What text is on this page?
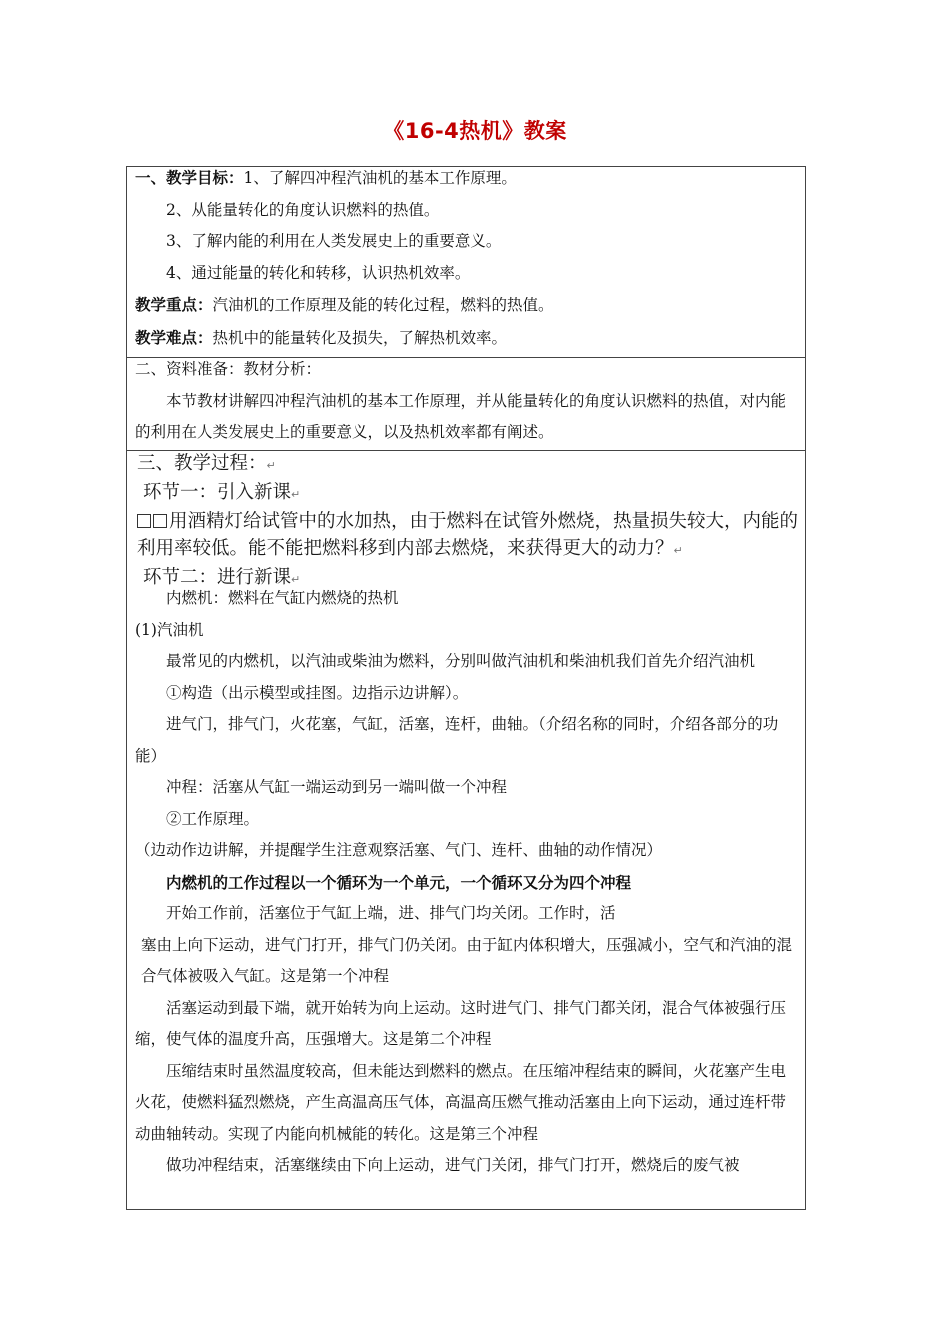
《16-4热机》教案

一、教学目标：1、了解四冲程汽油机的基本工作原理。

2、从能量转化的角度认识燃料的热值。

3、了解内能的利用在人类发展史上的重要意义。

4、通过能量的转化和转移，认识热机效率。

教学重点：汽油机的工作原理及能的转化过程，燃料的热值。

教学难点：热机中的能量转化及损失，了解热机效率。

二、资料准备：教材分析：

本节教材讲解四冲程汽油机的基本工作原理，并从能量转化的角度认识燃料的热值，对内能的利用在人类发展史上的重要意义，以及热机效率都有阐述。

三、教学过程：↵

环节一：引入新课↵

用酒精灯给试管中的水加热，由于燃料在试管外燃烧，热量损失较大，内能的利用率较低。能不能把燃料移到内部去燃烧，来获得更大的动力？↵

环节二：进行新课↵

内燃机：燃料在气缸内燃烧的热机

(1)汽油机

最常见的内燃机，以汽油或柴油为燃料，分别叫做汽油机和柴油机我们首先介绍汽油机

①构造（出示模型或挂图。边指示边讲解）。

进气门，排气门，火花塞，气缸，活塞，连杆，曲轴。（介绍名称的同时，介绍各部分的功能）

冲程：活塞从气缸一端运动到另一端叫做一个冲程

②工作原理。

（边动作边讲解，并提醒学生注意观察活塞、气门、连杆、曲轴的动作情况）

内燃机的工作过程以一个循环为一个单元，一个循环又分为四个冲程

开始工作前，活塞位于气缸上端，进、排气门均关闭。工作时，活

塞由上向下运动，进气门打开，排气门仍关闭。由于缸内体积增大，压强减小，空气和汽油的混合气体被吸入气缸。这是第一个冲程

活塞运动到最下端，就开始转为向上运动。这时进气门、排气门都关闭，混合气体被强行压缩，使气体的温度升高，压强增大。这是第二个冲程

压缩结束时虽然温度较高，但未能达到燃料的燃点。在压缩冲程结束的瞬间，火花塞产生电火花，使燃料猛烈燃烧，产生高温高压气体，高温高压燃气推动活塞由上向下运动，通过连杆带动曲轴转动。实现了内能向机械能的转化。这是第三个冲程

做功冲程结束，活塞继续由下向上运动，进气门关闭，排气门打开，燃烧后的废气被
